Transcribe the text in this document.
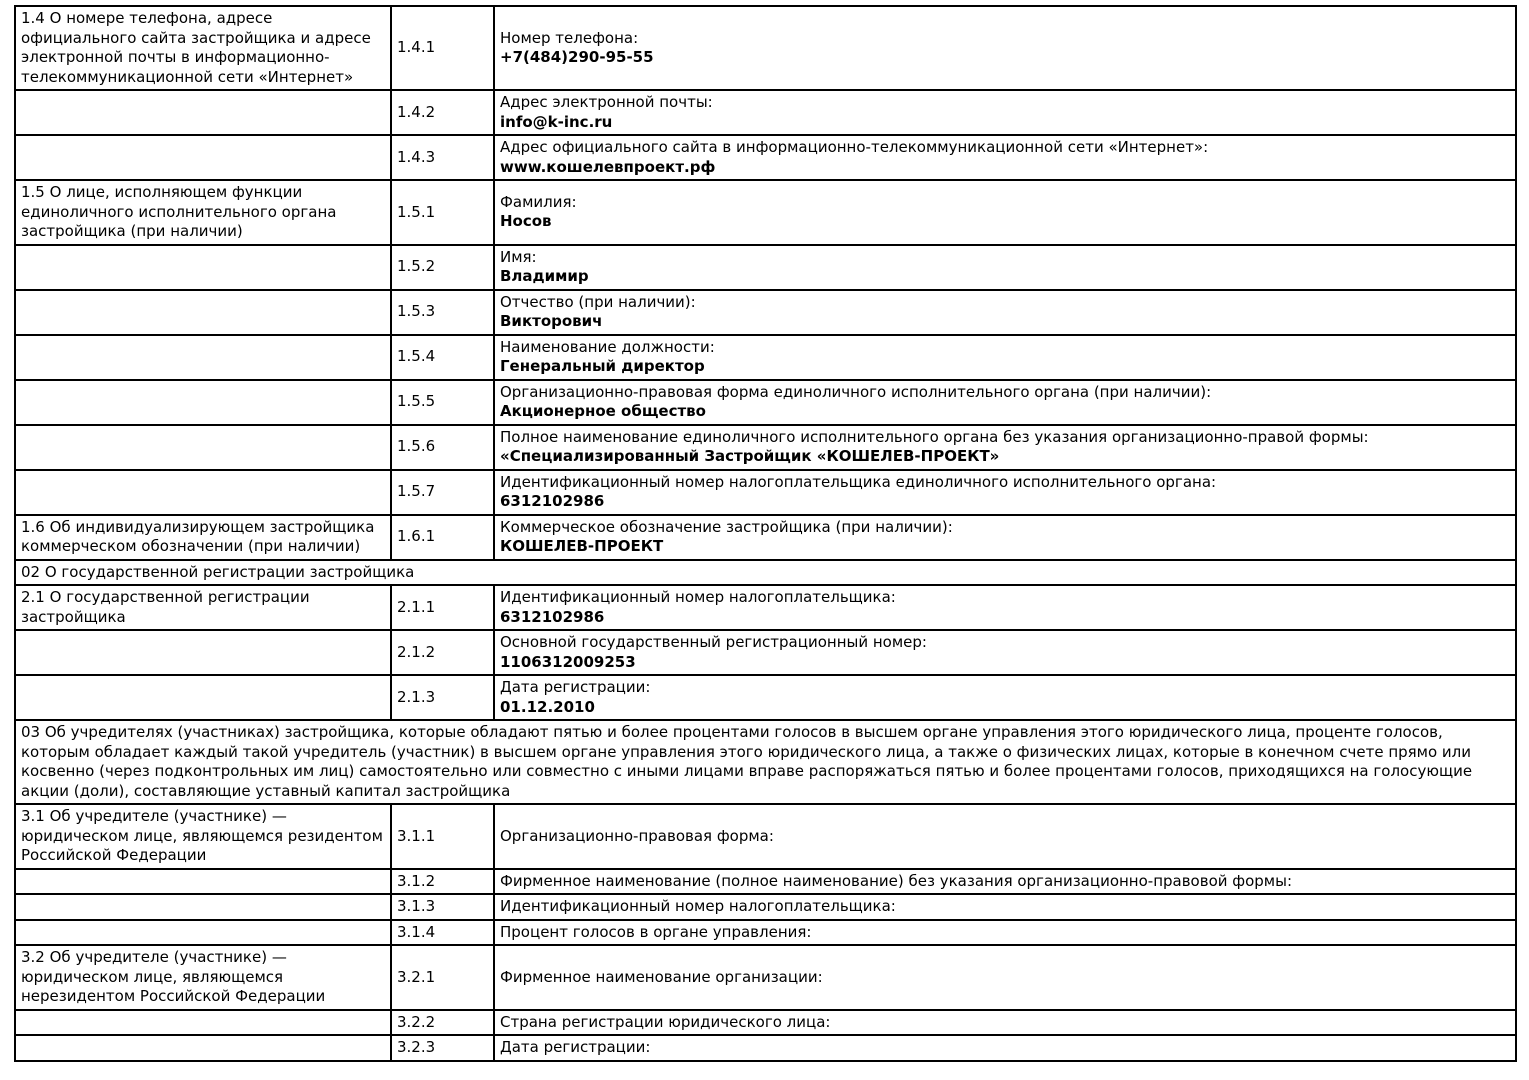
1.4 О номере телефона, адресе официального сайта застройщика и адресе электронной почты в информационно-телекоммуникационной сети «Интернет»	1.4.1	Номер телефона:
+7(484)290-95-55

	1.4.2	Адрес электронной почты:
info@k-inc.ru

	1.4.3	Адрес официального сайта в информационно-телекоммуникационной сети «Интернет»:
www.кошелевпроект.рф

1.5 О лице, исполняющем функции единоличного исполнительного органа застройщика (при наличии)	1.5.1	Фамилия:
Носов

	1.5.2	Имя:
Владимир

	1.5.3	Отчество (при наличии):
Викторович

	1.5.4	Наименование должности:
Генеральный директор

	1.5.5	Организационно-правовая форма единоличного исполнительного органа (при наличии):
Акционерное общество

	1.5.6	Полное наименование единоличного исполнительного органа без указания организационно-правой формы:
«Специализированный Застройщик «КОШЕЛЕВ-ПРОЕКТ»

	1.5.7	Идентификационный номер налогоплательщика единоличного исполнительного органа:
6312102986

1.6 Об индивидуализирующем застройщика коммерческом обозначении (при наличии)	1.6.1	Коммерческое обозначение застройщика (при наличии):
КОШЕЛЕВ-ПРОЕКТ

02 О государственной регистрации застройщика		
2.1 О государственной регистрации застройщика	2.1.1	Идентификационный номер налогоплательщика:
6312102986

	2.1.2	Основной государственный регистрационный номер:
1106312009253

	2.1.3	Дата регистрации:
01.12.2010

03 Об учредителях (участниках) застройщика, которые обладают пятью и более процентами голосов в высшем органе управления этого юридического лица, проценте голосов, которым обладает каждый такой учредитель (участник) в высшем органе управления этого юридического лица, а также о физических лицах, которые в конечном счете прямо или косвенно (через подконтрольных им лиц) самостоятельно или совместно с иными лицами вправе распоряжаться пятью и более процентами голосов, приходящихся на голосующие акции (доли), составляющие уставный капитал застройщика		
3.1 Об учредителе (участнике) — юридическом лице, являющемся резидентом Российской Федерации	3.1.1	Организационно-правовая форма:

	3.1.2	Фирменное наименование (полное наименование) без указания организационно-правовой формы:

	3.1.3	Идентификационный номер налогоплательщика:

	3.1.4	Процент голосов в органе управления:

3.2 Об учредителе (участнике) — юридическом лице, являющемся нерезидентом Российской Федерации	3.2.1	Фирменное наименование организации:

	3.2.2	Страна регистрации юридического лица:

	3.2.3	Дата регистрации:
